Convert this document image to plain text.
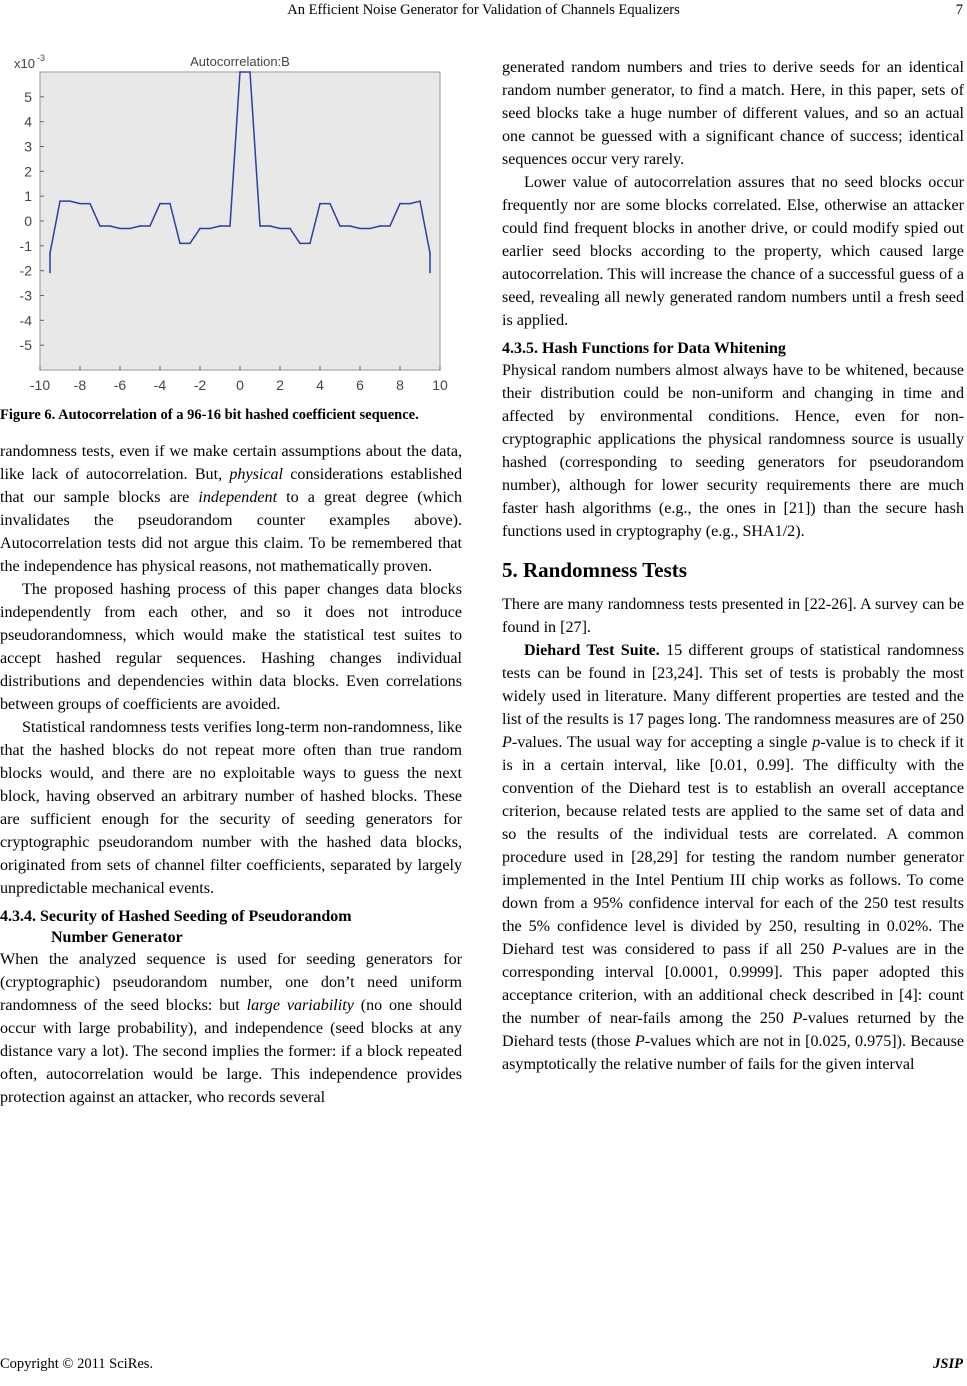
An Efficient Noise Generator for Validation of Channels Equalizers	7
Autocorrelation:B
x10 -3
-10 -8 -6 -4 -2 0 2 4 6 8 10
5
4
3
2
1
0
-1
-2
-3
-4
-5
Figure 6. Autocorrelation of a 96-16 bit hashed coefficient sequence.

randomness tests, even if we make certain assumptions about the data, like lack of autocorrelation. But, physical considerations established that our sample blocks are independent to a great degree (which invalidates the pseudorandom counter examples above). Autocorrelation tests did not argue this claim. To be remembered that the independence has physical reasons, not mathematically proven.

The proposed hashing process of this paper changes data blocks independently from each other, and so it does not introduce pseudorandomness, which would make the statistical test suites to accept hashed regular sequences. Hashing changes individual distributions and dependencies within data blocks. Even correlations between groups of coefficients are avoided.

Statistical randomness tests verifies long-term non-randomness, like that the hashed blocks do not repeat more often than true random blocks would, and there are no exploitable ways to guess the next block, having observed an arbitrary number of hashed blocks. These are sufficient enough for the security of seeding generators for cryptographic pseudorandom number with the hashed data blocks, originated from sets of channel filter coefficients, separated by largely unpredictable mechanical events.

4.3.4. Security of Hashed Seeding of Pseudorandom
Number Generator

When the analyzed sequence is used for seeding generators for (cryptographic) pseudorandom number, one don’t need uniform randomness of the seed blocks: but large variability (no one should occur with large probability), and independence (seed blocks at any distance vary a lot). The second implies the former: if a block repeated often, autocorrelation would be large. This independence provides protection against an attacker, who records several

generated random numbers and tries to derive seeds for an identical random number generator, to find a match. Here, in this paper, sets of seed blocks take a huge number of different values, and so an actual one cannot be guessed with a significant chance of success; identical sequences occur very rarely.

Lower value of autocorrelation assures that no seed blocks occur frequently nor are some blocks correlated. Else, otherwise an attacker could find frequent blocks in another drive, or could modify spied out earlier seed blocks according to the property, which caused large autocorrelation. This will increase the chance of a successful guess of a seed, revealing all newly generated random numbers until a fresh seed is applied.

4.3.5. Hash Functions for Data Whitening

Physical random numbers almost always have to be whitened, because their distribution could be non-uniform and changing in time and affected by environmental conditions. Hence, even for non-cryptographic applications the physical randomness source is usually hashed (corresponding to seeding generators for pseudorandom number), although for lower security requirements there are much faster hash algorithms (e.g., the ones in [21]) than the secure hash functions used in cryptography (e.g., SHA1/2).

5. Randomness Tests

There are many randomness tests presented in [22-26]. A survey can be found in [27].

Diehard Test Suite. 15 different groups of statistical randomness tests can be found in [23,24]. This set of tests is probably the most widely used in literature. Many different properties are tested and the list of the results is 17 pages long. The randomness measures are of 250 P-values. The usual way for accepting a single p-value is to check if it is in a certain interval, like [0.01, 0.99]. The difficulty with the convention of the Diehard test is to establish an overall acceptance criterion, because related tests are applied to the same set of data and so the results of the individual tests are correlated. A common procedure used in [28,29] for testing the random number generator implemented in the Intel Pentium III chip works as follows. To come down from a 95% confidence interval for each of the 250 test results the 5% confidence level is divided by 250, resulting in 0.02%. The Diehard test was considered to pass if all 250 P-values are in the corresponding interval [0.0001, 0.9999]. This paper adopted this acceptance criterion, with an additional check described in [4]: count the number of near-fails among the 250 P-values returned by the Diehard tests (those P-values which are not in [0.025, 0.975]). Because asymptotically the relative number of fails for the given interval

Copyright © 2011 SciRes.	JSIP
